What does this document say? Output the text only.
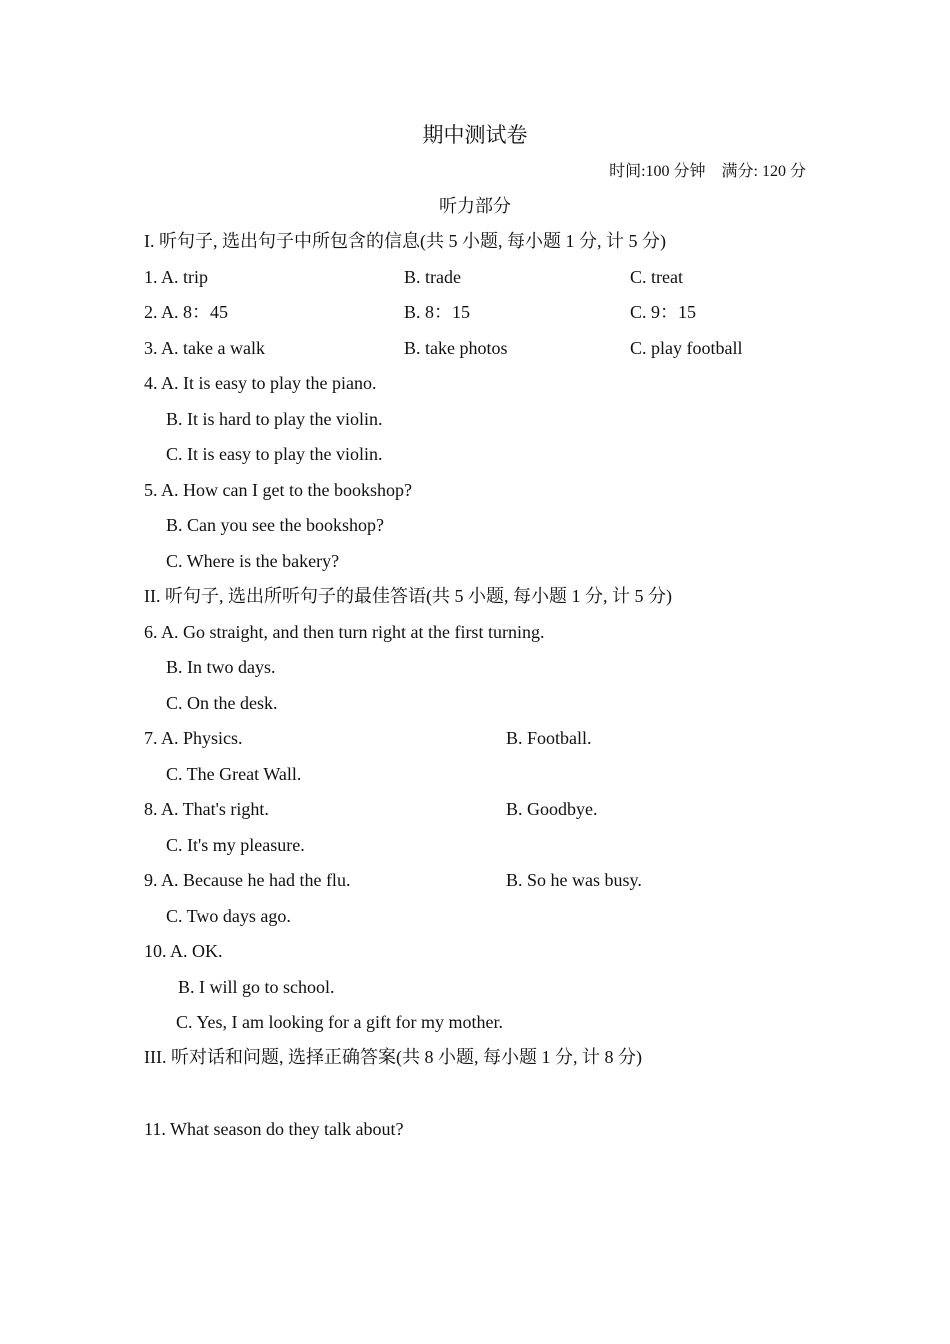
期中测试卷
时间:100 分钟 满分: 120 分
听力部分
I. 听句子, 选出句子中所包含的信息(共 5 小题, 每小题 1 分, 计 5 分)
1. A. trip	B. trade	C. treat
2. A. 8：45	B. 8：15	C. 9：15
3. A. take a walk	B. take photos	C. play football
4. A. It is easy to play the piano.
B. It is hard to play the violin.
C. It is easy to play the violin.
5. A. How can I get to the bookshop?
B. Can you see the bookshop?
C. Where is the bakery?
II. 听句子, 选出所听句子的最佳答语(共 5 小题, 每小题 1 分, 计 5 分)
6. A. Go straight, and then turn right at the first turning.
B. In two days.
C. On the desk.
7. A. Physics.	B. Football.
C. The Great Wall.
8. A. That's right.	B. Goodbye.
C. It's my pleasure.
9. A. Because he had the flu.	B. So he was busy.
C. Two days ago.
10. A. OK.
B. I will go to school.
C. Yes, I am looking for a gift for my mother.
III. 听对话和问题, 选择正确答案(共 8 小题, 每小题 1 分, 计 8 分)
11. What season do they talk about?
